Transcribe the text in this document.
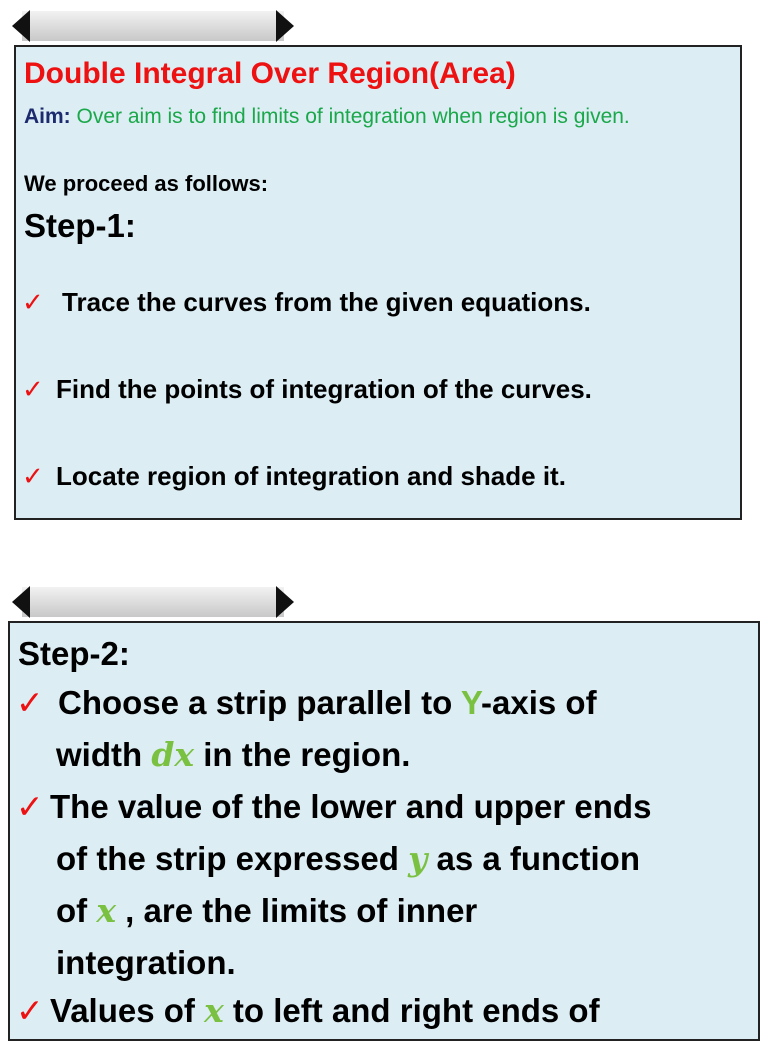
Double Integral Over Region(Area)

Aim: Over aim is to find limits of integration when region is given.

We proceed as follows:

Step-1:

✓ Trace the curves from the given equations.

✓ Find the points of integration of the curves.

✓ Locate region of integration and shade it.

Step-2:

✓ Choose a strip parallel to Y-axis of
width dx in the region.

✓ The value of the lower and upper ends
of the strip expressed y as a function
of x , are the limits of inner
integration.

✓ Values of x to left and right ends of
